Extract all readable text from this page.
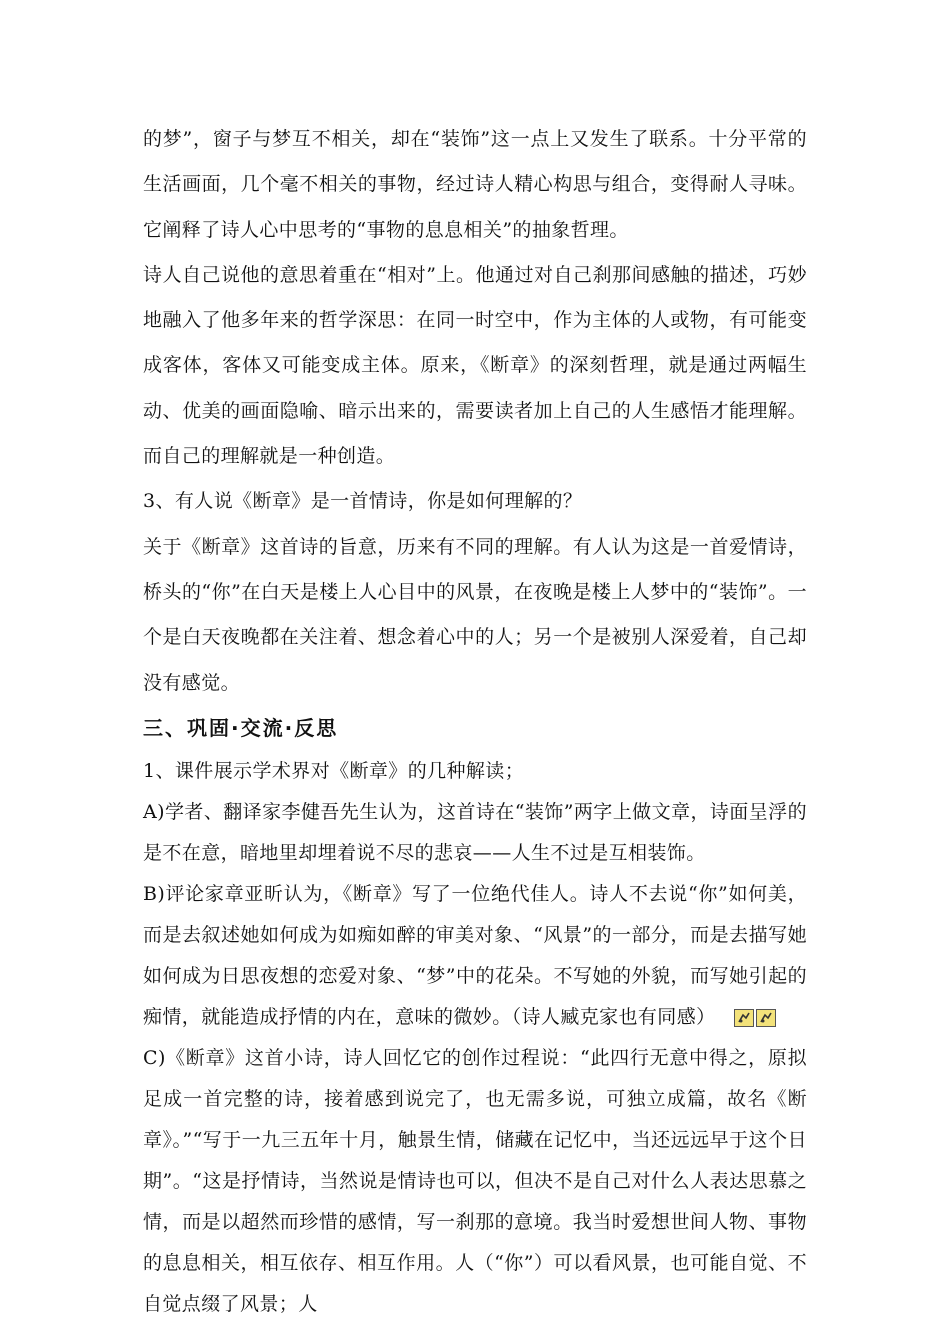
的梦”，窗子与梦互不相关，却在“装饰”这一点上又发生了联系。十分平常的生活画面，几个毫不相关的事物，经过诗人精心构思与组合，变得耐人寻味。它阐释了诗人心中思考的“事物的息息相关”的抽象哲理。

诗人自己说他的意思着重在“相对”上。他通过对自己刹那间感触的描述，巧妙地融入了他多年来的哲学深思：在同一时空中，作为主体的人或物，有可能变成客体，客体又可能变成主体。原来，《断章》的深刻哲理，就是通过两幅生动、优美的画面隐喻、暗示出来的，需要读者加上自己的人生感悟才能理解。而自己的理解就是一种创造。

3、有人说《断章》是一首情诗，你是如何理解的？

关于《断章》这首诗的旨意，历来有不同的理解。有人认为这是一首爱情诗，桥头的“你”在白天是楼上人心目中的风景，在夜晚是楼上人梦中的“装饰”。一个是白天夜晚都在关注着、想念着心中的人；另一个是被别人深爱着，自己却没有感觉。

三、巩固·交流·反思

1、课件展示学术界对《断章》的几种解读；

A)学者、翻译家李健吾先生认为，这首诗在“装饰”两字上做文章，诗面呈浮的是不在意，暗地里却埋着说不尽的悲哀——人生不过是互相装饰。

B)评论家章亚昕认为，《断章》写了一位绝代佳人。诗人不去说“你”如何美，而是去叙述她如何成为如痴如醉的审美对象、“风景”的一部分，而是去描写她如何成为日思夜想的恋爱对象、“梦”中的花朵。不写她的外貌，而写她引起的痴情，就能造成抒情的内在，意味的微妙。（诗人臧克家也有同感）

C)《断章》这首小诗，诗人回忆它的创作过程说：“此四行无意中得之，原拟足成一首完整的诗，接着感到说完了，也无需多说，可独立成篇，故名《断章》。”“写于一九三五年十月，触景生情，储藏在记忆中，当还远远早于这个日期”。“这是抒情诗，当然说是情诗也可以，但决不是自己对什么人表达思慕之情，而是以超然而珍惜的感情，写一刹那的意境。我当时爱想世间人物、事物的息息相关，相互依存、相互作用。人（“你”）可以看风景，也可能自觉、不自觉点缀了风景；人
